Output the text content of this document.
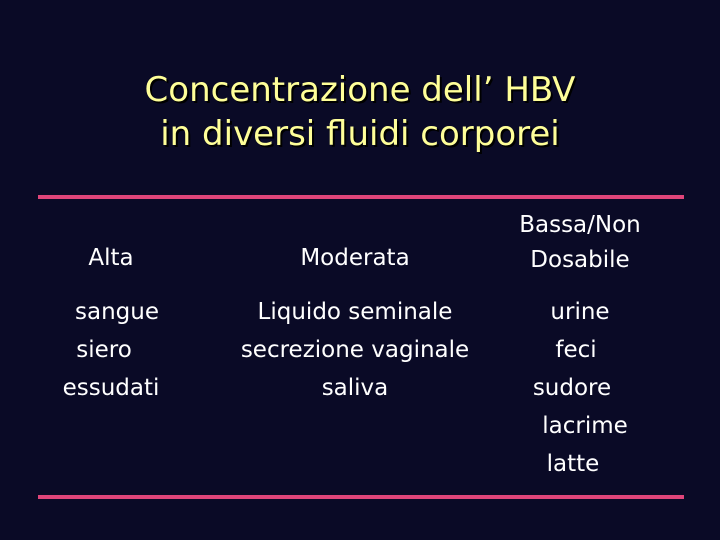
Concentrazione dell’ HBV
in diversi fluidi corporei
Alta	Moderata
Bassa/Non
Dosabile
sangue
siero
essudati
Liquido seminale
secrezione vaginale
saliva
urine
feci
sudore
lacrime
latte
